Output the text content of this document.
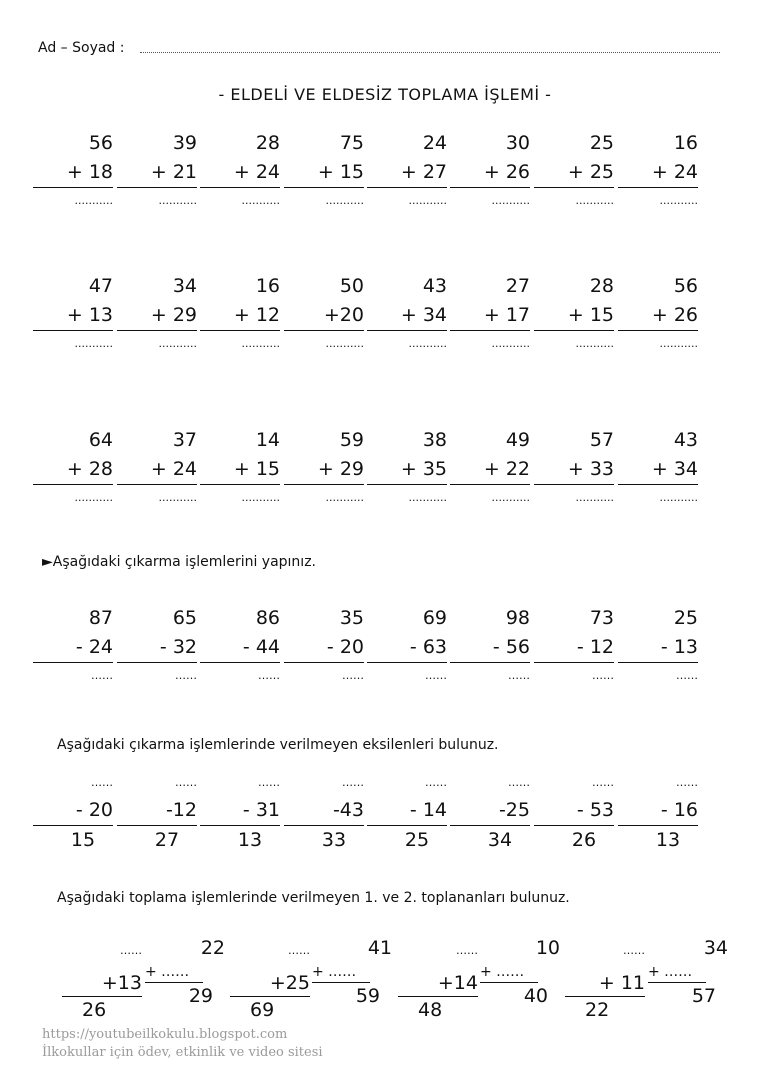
Ad – Soyad :
- ELDELİ VE ELDESİZ TOPLAMA İŞLEMİ -
56
+ 18
...........
39
+ 21
...........
28
+ 24
...........
75
+ 15
...........
24
+ 27
...........
30
+ 26
...........
25
+ 25
...........
16
+ 24
...........
47
+ 13
...........
34
+ 29
...........
16
+ 12
...........
50
+20
...........
43
+ 34
...........
27
+ 17
...........
28
+ 15
...........
56
+ 26
...........
64
+ 28
...........
37
+ 24
...........
14
+ 15
...........
59
+ 29
...........
38
+ 35
...........
49
+ 22
...........
57
+ 33
...........
43
+ 34
...........
►Aşağıdaki çıkarma işlemlerini yapınız.
87
- 24
……
65
- 32
……
86
- 44
……
35
- 20
……
69
- 63
……
98
- 56
……
73
- 12
……
25
- 13
……
Aşağıdaki çıkarma işlemlerinde verilmeyen eksilenleri bulunuz.
……
- 20
15
……
-12
27
……
- 31
13
……
-43
33
……
- 14
25
……
-25
34
……
- 53
26
……
- 16
13
Aşağıdaki toplama işlemlerinde verilmeyen 1. ve 2. toplananları bulunuz.
……
+13
26
22
+ ……
29
……
+25
69
41
+ ……
59
……
+14
48
10
+ ……
40
……
+ 11
22
34
+ ……
57
https://youtubeilkokulu.blogspot.com
İlkokullar için ödev, etkinlik ve video sitesi
